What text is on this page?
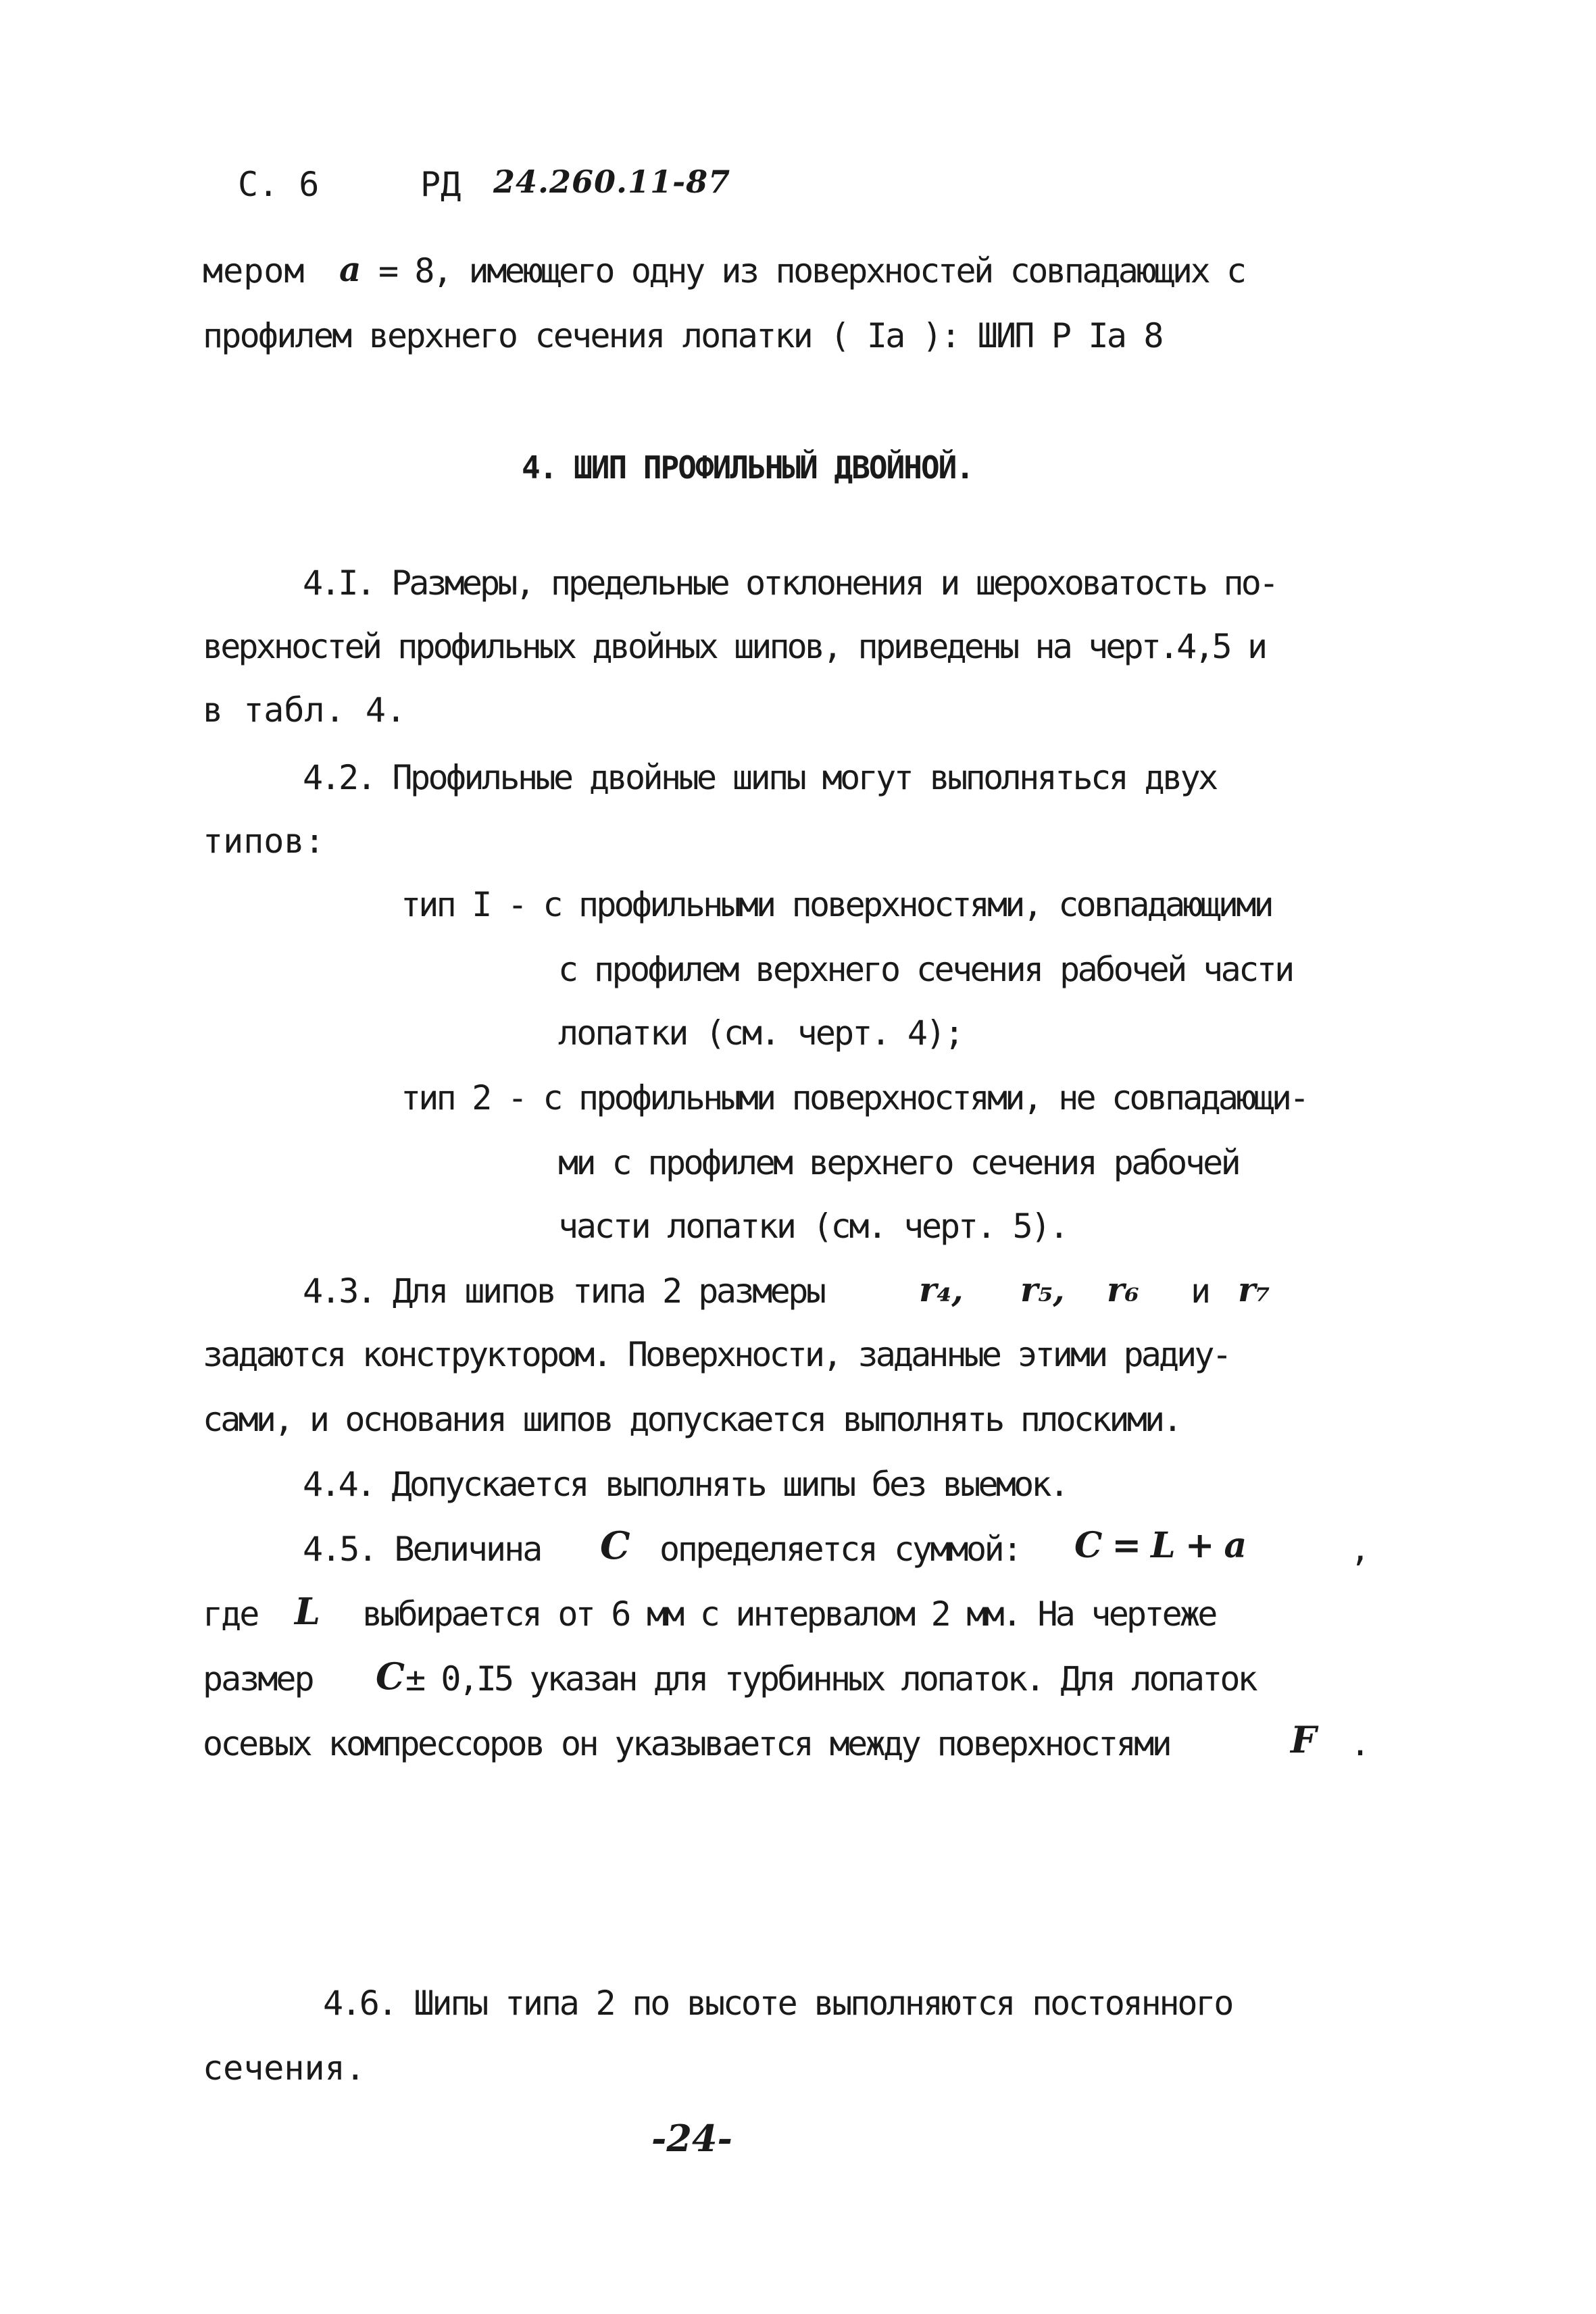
С. 6	РД 24.260.11-87
мером a = 8, имеющего одну из поверхностей совпадающих с
профилем верхнего сечения лопатки ( Iа ): ШИП Р Iа 8
4. ШИП ПРОФИЛЬНЫЙ ДВОЙНОЙ.
4.I. Размеры, предельные отклонения и шероховатость по-
верхностей профильных двойных шипов, приведены на черт.4,5 и
в табл. 4.
4.2. Профильные двойные шипы могут выполняться двух
типов:
тип I - с профильными поверхностями, совпадающими
с профилем верхнего сечения рабочей части
лопатки (см. черт. 4);
тип 2 - с профильными поверхностями, не совпадающи-
ми с профилем верхнего сечения рабочей
части лопатки (см. черт. 5).
4.3. Для шипов типа 2 размеры	r₄, r₅, r₆ и r₇
задаются конструктором. Поверхности, заданные этими радиу-
сами, и основания шипов допускается выполнять плоскими.
4.4. Допускается выполнять шипы без выемок.
4.5. Величина C определяется суммой: C = L + a	,
где L выбирается от 6 мм с интервалом 2 мм. На чертеже
размер C ± 0,I5 указан для турбинных лопаток. Для лопаток
осевых компрессоров он указывается между поверхностями	F .
4.6. Шипы типа 2 по высоте выполняются постоянного
сечения.
-24-
